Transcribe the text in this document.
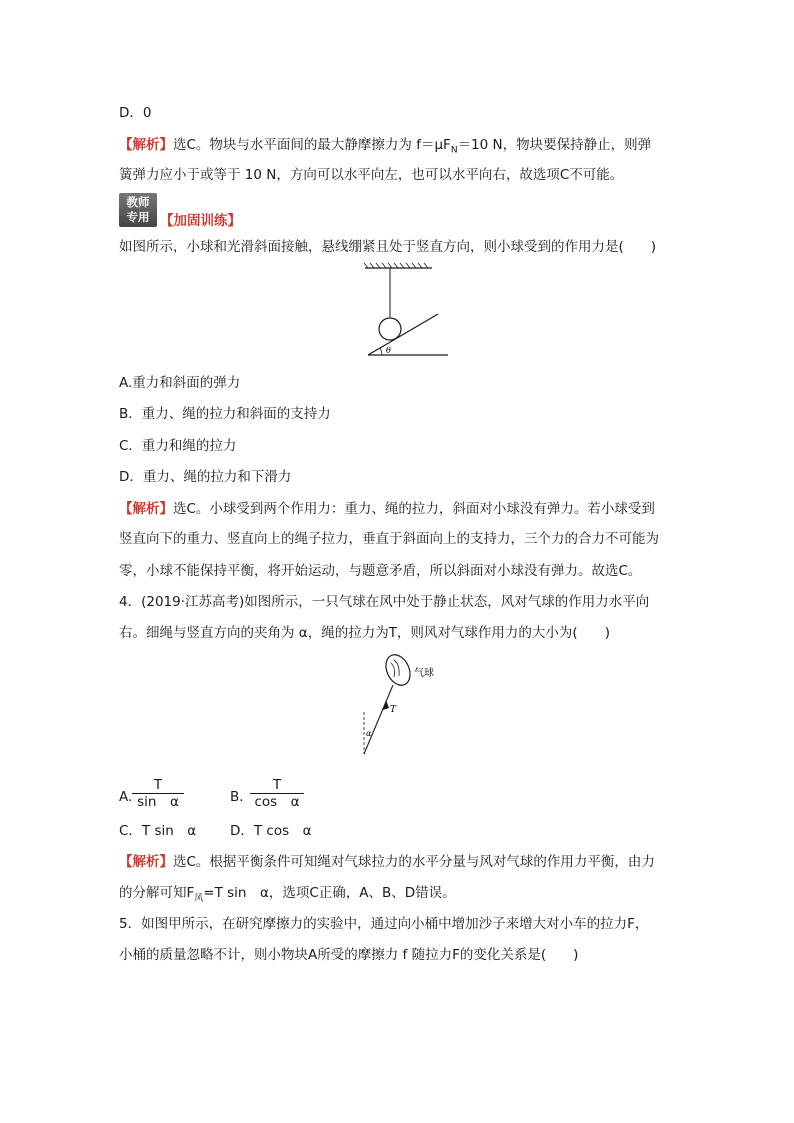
D．0
【解析】选C。物块与水平面间的最大静摩擦力为 $f=\mu F_N=10$ N，物块要保持静止，则弹
簧弹力应小于或等于 10 N，方向可以水平向左，也可以水平向右，故选项C不可能。
教师
专用 【加固训练】
如图所示，小球和光滑斜面接触，悬线绷紧且处于竖直方向，则小球受到的作用力是(　　)
θ
A.重力和斜面的弹力
B．重力、绳的拉力和斜面的支持力
C．重力和绳的拉力
D．重力、绳的拉力和下滑力
【解析】选C。小球受到两个作用力：重力、绳的拉力，斜面对小球没有弹力。若小球受到
竖直向下的重力、竖直向上的绳子拉力，垂直于斜面向上的支持力，三个力的合力不可能为
零，小球不能保持平衡，将开始运动，与题意矛盾，所以斜面对小球没有弹力。故选C。
4．(2019·江苏高考)如图所示，一只气球在风中处于静止状态，风对气球的作用力水平向
右。细绳与竖直方向的夹角为 α，绳的拉力为T，则风对气球作用力的大小为(　　)
气球
T
α
A. $\frac{T}{\text{sin　α}}$	B．
$\frac{T}{\text{cos　α}}$
C．T sin　α	D．T cos　α
【解析】选C。根据平衡条件可知绳对气球拉力的水平分量与风对气球的作用力平衡，由力
的分解可知$F_风=T$ sin　α，选项C正确，A、B、D错误。
5．如图甲所示，在研究摩擦力的实验中，通过向小桶中增加沙子来增大对小车的拉力F，
小桶的质量忽略不计，则小物块A所受的摩擦力 f 随拉力F的变化关系是(　　)
